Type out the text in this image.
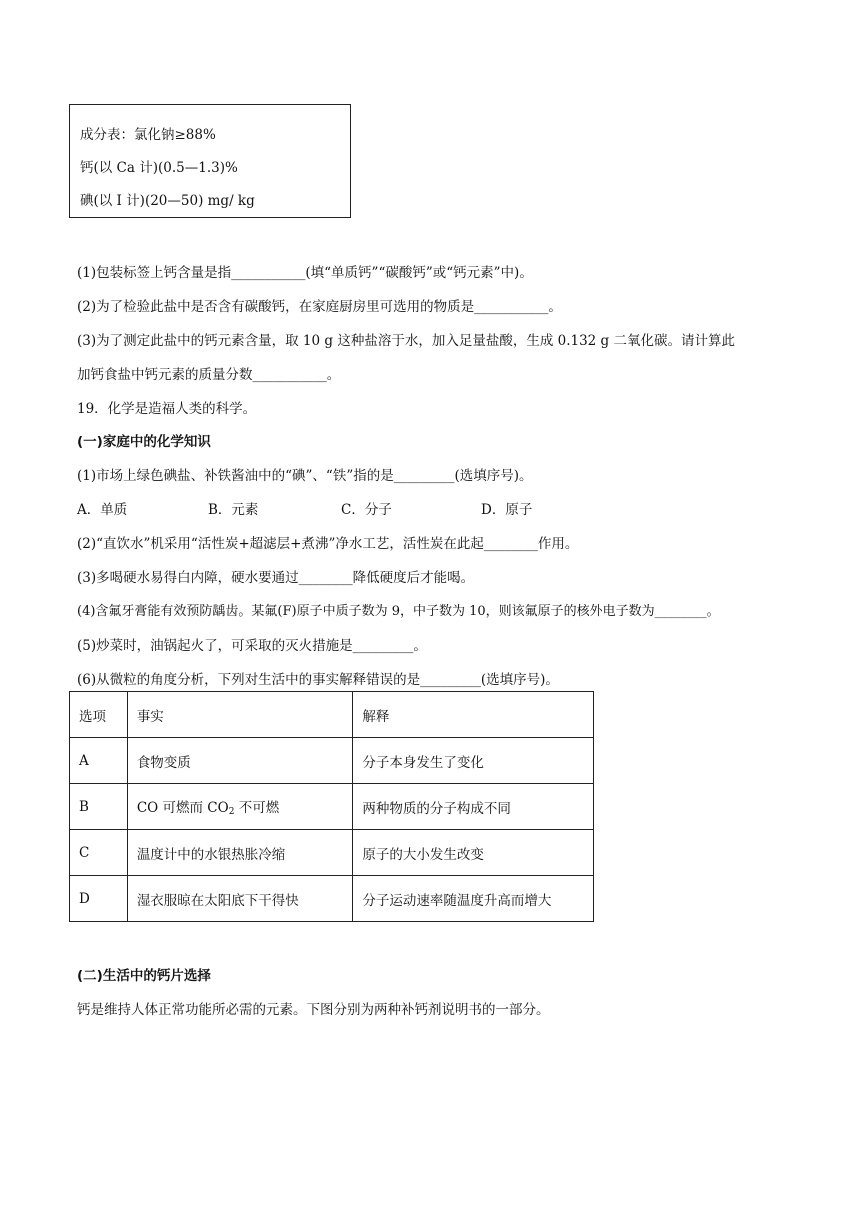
成分表：氯化钠≥88%
钙(以 Ca 计)(0.5—1.3)%
碘(以 I 计)(20—50) mg/ kg
(1)包装标签上钙含量是指___________(填“单质钙”“碳酸钙”或“钙元素”中)。
(2)为了检验此盐中是否含有碳酸钙，在家庭厨房里可选用的物质是___________。
(3)为了测定此盐中的钙元素含量，取 10 g 这种盐溶于水，加入足量盐酸，生成 0.132 g 二氧化碳。请计算此
加钙食盐中钙元素的质量分数___________。
19．化学是造福人类的科学。
(一)家庭中的化学知识
(1)市场上绿色碘盐、补铁酱油中的“碘”、“铁”指的是_________(选填序号)。
A．单质	B．元素	C．分子	D．原子
(2)“直饮水”机采用“活性炭+超滤层+煮沸”净水工艺，活性炭在此起________作用。
(3)多喝硬水易得白内障，硬水要通过________降低硬度后才能喝。
(4)含氟牙膏能有效预防龋齿。某氟(F)原子中质子数为 9，中子数为 10，则该氟原子的核外电子数为________。
(5)炒菜时，油锅起火了，可采取的灭火措施是_________。
(6)从微粒的角度分析，下列对生活中的事实解释错误的是_________(选填序号)。
选项	事实	解释
A	食物变质	分子本身发生了变化
B	CO 可燃而 $CO_2$ 不可燃	两种物质的分子构成不同
C	温度计中的水银热胀冷缩	原子的大小发生改变
D	湿衣服晾在太阳底下干得快	分子运动速率随温度升高而增大
(二)生活中的钙片选择
钙是维持人体正常功能所必需的元素。下图分别为两种补钙剂说明书的一部分。
